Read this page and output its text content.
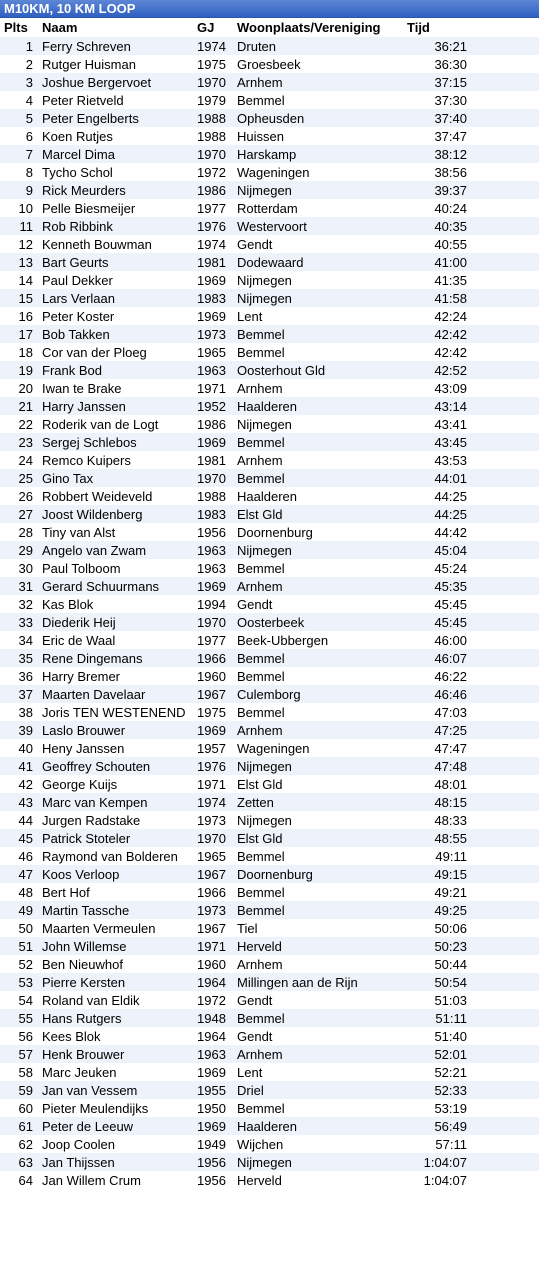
M10KM, 10 KM LOOP
Plts	Naam	GJ	Woonplaats/Vereniging	Tijd
1	Ferry Schreven	1974	Druten	36:21
2	Rutger Huisman	1975	Groesbeek	36:30
3	Joshue Bergervoet	1970	Arnhem	37:15
4	Peter Rietveld	1979	Bemmel	37:30
5	Peter Engelberts	1988	Opheusden	37:40
6	Koen Rutjes	1988	Huissen	37:47
7	Marcel Dima	1970	Harskamp	38:12
8	Tycho Schol	1972	Wageningen	38:56
9	Rick Meurders	1986	Nijmegen	39:37
10	Pelle Biesmeijer	1977	Rotterdam	40:24
11	Rob Ribbink	1976	Westervoort	40:35
12	Kenneth Bouwman	1974	Gendt	40:55
13	Bart Geurts	1981	Dodewaard	41:00
14	Paul Dekker	1969	Nijmegen	41:35
15	Lars Verlaan	1983	Nijmegen	41:58
16	Peter Koster	1969	Lent	42:24
17	Bob Takken	1973	Bemmel	42:42
18	Cor van der Ploeg	1965	Bemmel	42:42
19	Frank Bod	1963	Oosterhout Gld	42:52
20	Iwan te Brake	1971	Arnhem	43:09
21	Harry Janssen	1952	Haalderen	43:14
22	Roderik van de Logt	1986	Nijmegen	43:41
23	Sergej Schlebos	1969	Bemmel	43:45
24	Remco Kuipers	1981	Arnhem	43:53
25	Gino Tax	1970	Bemmel	44:01
26	Robbert Weideveld	1988	Haalderen	44:25
27	Joost Wildenberg	1983	Elst Gld	44:25
28	Tiny van Alst	1956	Doornenburg	44:42
29	Angelo van Zwam	1963	Nijmegen	45:04
30	Paul Tolboom	1963	Bemmel	45:24
31	Gerard Schuurmans	1969	Arnhem	45:35
32	Kas Blok	1994	Gendt	45:45
33	Diederik Heij	1970	Oosterbeek	45:45
34	Eric de Waal	1977	Beek-Ubbergen	46:00
35	Rene Dingemans	1966	Bemmel	46:07
36	Harry Bremer	1960	Bemmel	46:22
37	Maarten Davelaar	1967	Culemborg	46:46
38	Joris TEN WESTENEND	1975	Bemmel	47:03
39	Laslo Brouwer	1969	Arnhem	47:25
40	Heny Janssen	1957	Wageningen	47:47
41	Geoffrey Schouten	1976	Nijmegen	47:48
42	George Kuijs	1971	Elst Gld	48:01
43	Marc van Kempen	1974	Zetten	48:15
44	Jurgen Radstake	1973	Nijmegen	48:33
45	Patrick Stoteler	1970	Elst Gld	48:55
46	Raymond van Bolderen	1965	Bemmel	49:11
47	Koos Verloop	1967	Doornenburg	49:15
48	Bert Hof	1966	Bemmel	49:21
49	Martin Tassche	1973	Bemmel	49:25
50	Maarten Vermeulen	1967	Tiel	50:06
51	John Willemse	1971	Herveld	50:23
52	Ben Nieuwhof	1960	Arnhem	50:44
53	Pierre Kersten	1964	Millingen aan de Rijn	50:54
54	Roland van Eldik	1972	Gendt	51:03
55	Hans Rutgers	1948	Bemmel	51:11
56	Kees Blok	1964	Gendt	51:40
57	Henk Brouwer	1963	Arnhem	52:01
58	Marc Jeuken	1969	Lent	52:21
59	Jan van Vessem	1955	Driel	52:33
60	Pieter Meulendijks	1950	Bemmel	53:19
61	Peter de Leeuw	1969	Haalderen	56:49
62	Joop Coolen	1949	Wijchen	57:11
63	Jan Thijssen	1956	Nijmegen	1:04:07
64	Jan Willem Crum	1956	Herveld	1:04:07
